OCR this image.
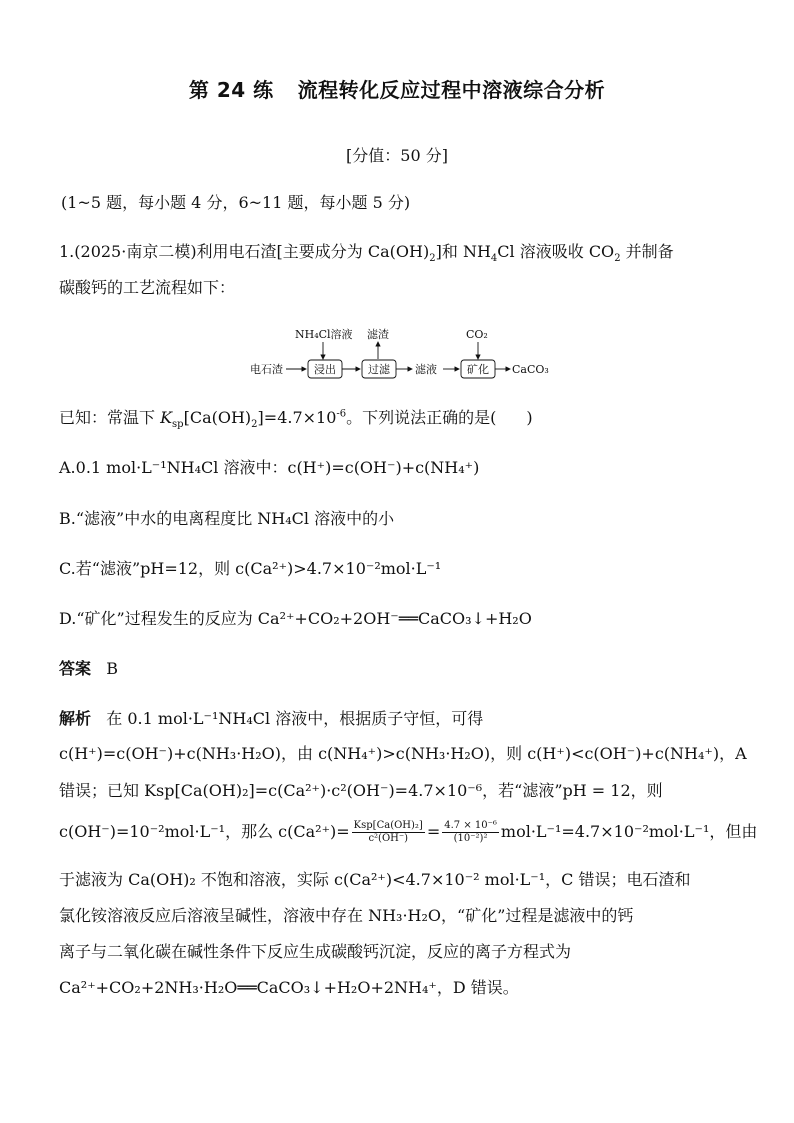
第 24 练 流程转化反应过程中溶液综合分析
[分值：50 分]
(1~5 题，每小题 4 分，6~11 题，每小题 5 分)
1.(2025·南京二模)利用电石渣[主要成分为 $Ca(OH)_2$]和 $NH_4Cl$ 溶液吸收 $CO_2$ 并制备
碳酸钙的工艺流程如下：
NH₄Cl溶液 滤渣	CO₂
电石渣	浸出	过滤 滤液	矿化 CaCO₃
已知：常温下 $K_{sp}[Ca(OH)_2]=4.7\times 10^{-6}$。下列说法正确的是( )
A.0.1 mol·L⁻¹NH₄Cl 溶液中：c(H⁺)=c(OH⁻)+c(NH₄⁺)
B.“滤液”中水的电离程度比 NH₄Cl 溶液中的小
C.若“滤液”pH=12，则 c(Ca²⁺)>4.7×10⁻²mol·L⁻¹
D.“矿化”过程发生的反应为 Ca²⁺+CO₂+2OH⁻══CaCO₃↓+H₂O
答案 B
解析 在 0.1 mol·L⁻¹NH₄Cl 溶液中，根据质子守恒，可得
c(H⁺)=c(OH⁻)+c(NH₃·H₂O)，由 c(NH₄⁺)>c(NH₃·H₂O)，则 c(H⁺)<c(OH⁻)+c(NH₄⁺)，A
错误；已知 Ksp[Ca(OH)₂]=c(Ca²⁺)·c²(OH⁻)=4.7×10⁻⁶，若“滤液”pH = 12，则
c(OH⁻)=10⁻²mol·L⁻¹，那么 $c(Ca^{2+})= \frac{\text{Ksp[Ca(OH)₂]}}{\text{c²(OH⁻)}} = \frac{\text{4.7 × 10⁻⁶}}{\text{(10⁻²)²}} mol\cdot L^{-1}=4.7\times 10^{-2}mol\cdot L^{-1}$，但由
于滤液为 Ca(OH)₂ 不饱和溶液，实际 c(Ca²⁺)<4.7×10⁻² mol·L⁻¹，C 错误；电石渣和
氯化铵溶液反应后溶液呈碱性，溶液中存在 NH₃·H₂O，“矿化”过程是滤液中的钙
离子与二氧化碳在碱性条件下反应生成碳酸钙沉淀，反应的离子方程式为
Ca²⁺+CO₂+2NH₃·H₂O══CaCO₃↓+H₂O+2NH₄⁺，D 错误。
